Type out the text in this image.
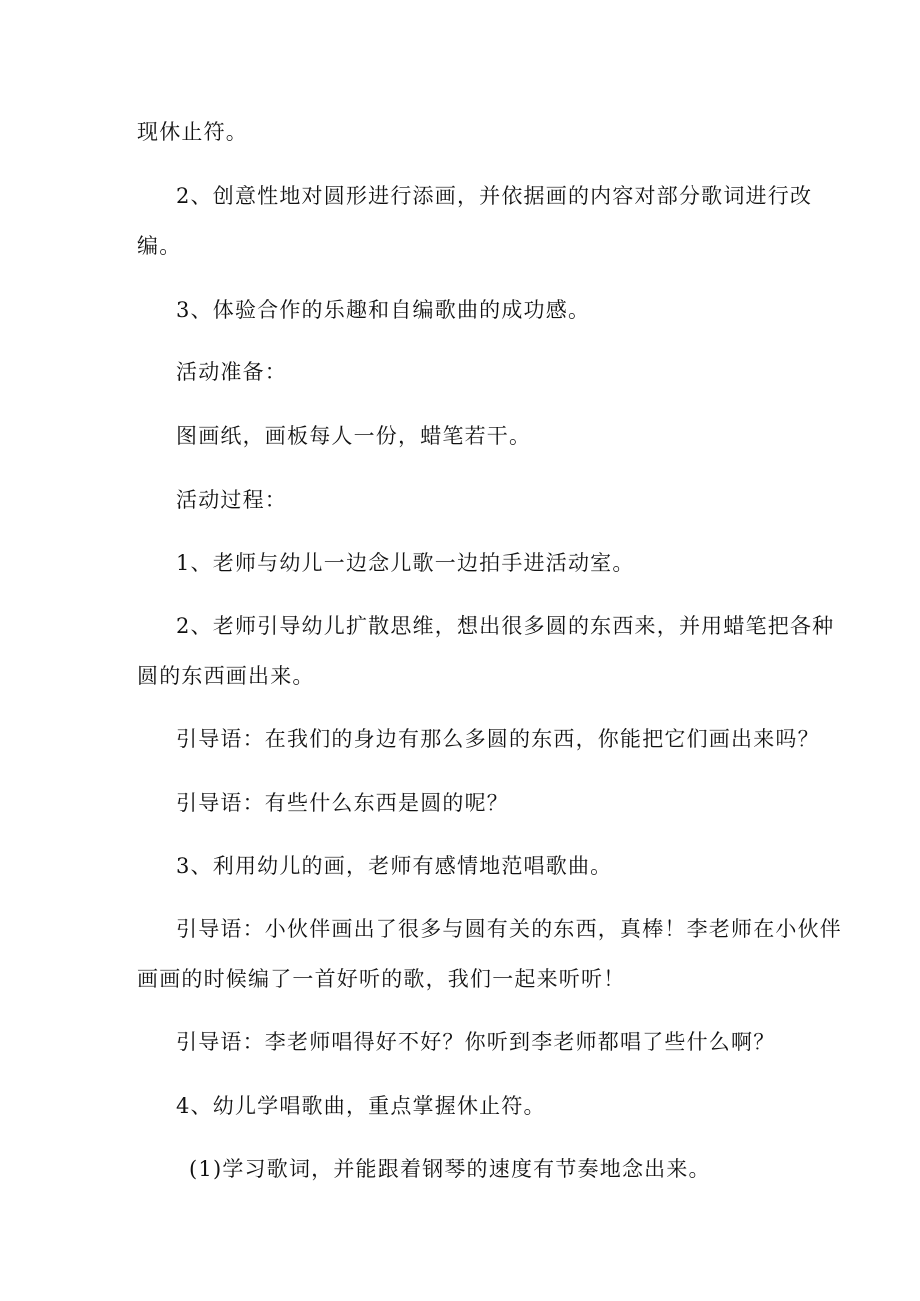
现休止符。
2、创意性地对圆形进行添画，并依据画的内容对部分歌词进行改
编。
3、体验合作的乐趣和自编歌曲的成功感。
活动准备：
图画纸，画板每人一份，蜡笔若干。
活动过程：
1、老师与幼儿一边念儿歌一边拍手进活动室。
2、老师引导幼儿扩散思维，想出很多圆的东西来，并用蜡笔把各种
圆的东西画出来。
引导语：在我们的身边有那么多圆的东西，你能把它们画出来吗？
引导语：有些什么东西是圆的呢？
3、利用幼儿的画，老师有感情地范唱歌曲。
引导语：小伙伴画出了很多与圆有关的东西，真棒！李老师在小伙伴
画画的时候编了一首好听的歌，我们一起来听听！
引导语：李老师唱得好不好？你听到李老师都唱了些什么啊？
4、幼儿学唱歌曲，重点掌握休止符。
(1)学习歌词，并能跟着钢琴的速度有节奏地念出来。
